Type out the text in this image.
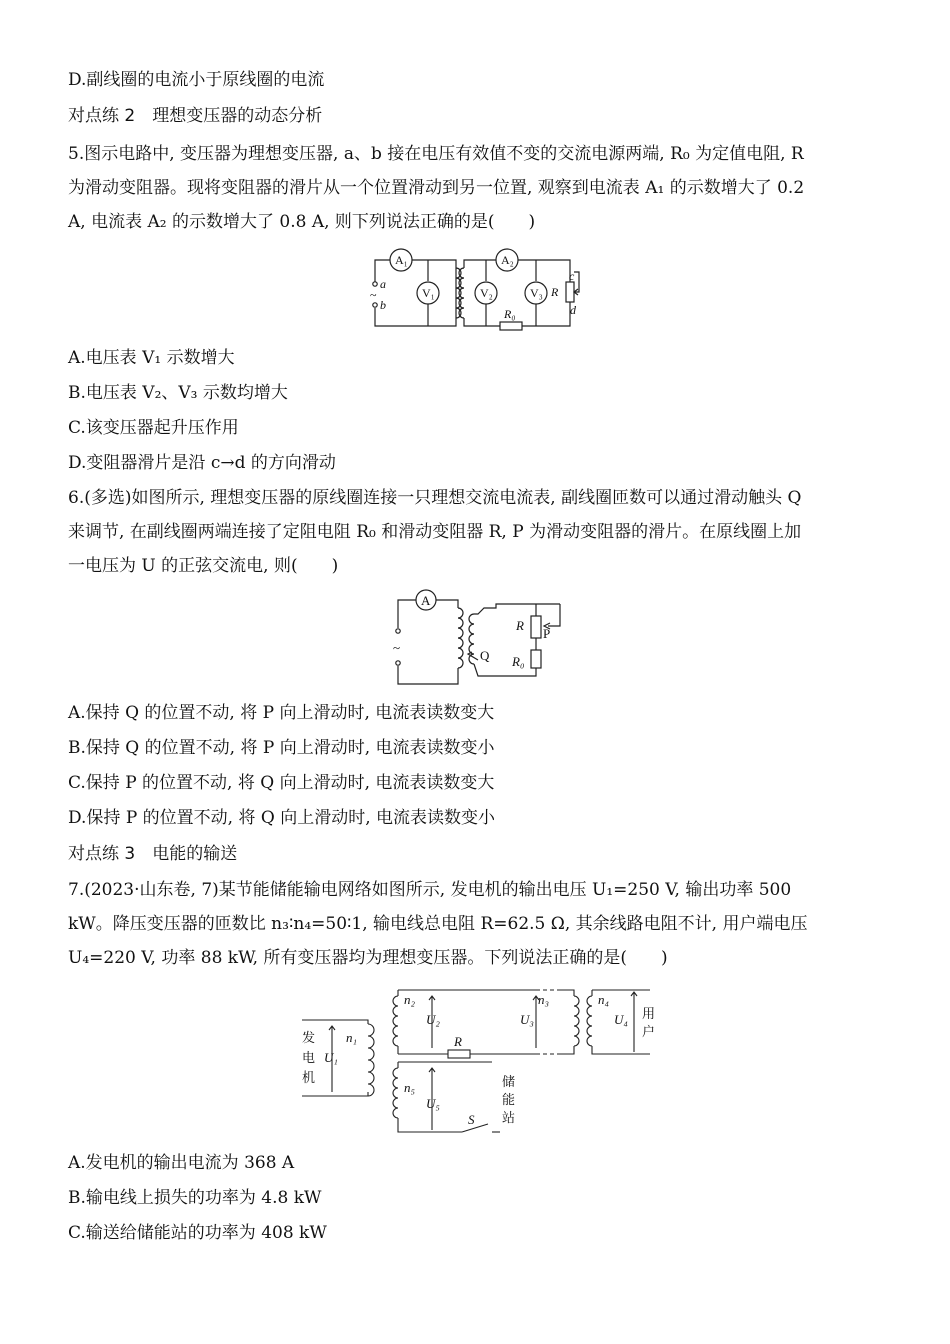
D.副线圈的电流小于原线圈的电流
对点练 2　理想变压器的动态分析
5.图示电路中, 变压器为理想变压器, a、b 接在电压有效值不变的交流电源两端, R₀ 为定值电阻, R
为滑动变阻器。现将变阻器的滑片从一个位置滑动到另一位置, 观察到电流表 A₁ 的示数增大了 0.2
A, 电流表 A₂ 的示数增大了 0.8 A, 则下列说法正确的是(　　)
A₁
V₁
A₂
V₂	V₃ R
R₀
a
b
~
c
d
A.电压表 V₁ 示数增大
B.电压表 V₂、V₃ 示数均增大
C.该变压器起升压作用
D.变阻器滑片是沿 c→d 的方向滑动
6.(多选)如图所示, 理想变压器的原线圈连接一只理想交流电流表, 副线圈匝数可以通过滑动触头 Q
来调节, 在副线圈两端连接了定阻电阻 R₀ 和滑动变阻器 R, P 为滑动变阻器的滑片。在原线圈上加
一电压为 U 的正弦交流电, 则(　　)
A
R
P
Q R₀
~
A.保持 Q 的位置不动, 将 P 向上滑动时, 电流表读数变大
B.保持 Q 的位置不动, 将 P 向上滑动时, 电流表读数变小
C.保持 P 的位置不动, 将 Q 向上滑动时, 电流表读数变大
D.保持 P 的位置不动, 将 Q 向上滑动时, 电流表读数变小
对点练 3　电能的输送
7.(2023·山东卷, 7)某节能储能输电网络如图所示, 发电机的输出电压 U₁=250 V, 输出功率 500
kW。降压变压器的匝数比 n₃∶n₄=50∶1, 输电线总电阻 R=62.5 Ω, 其余线路电阻不计, 用户端电压
U₄=220 V, 功率 88 kW, 所有变压器均为理想变压器。下列说法正确的是(　　)
发
电
机
n₁
U₁
n₂
U₂
R
n₃
U₃
n₄
U₄ 用
户
n₅
U₅
S
储
能
站
A.发电机的输出电流为 368 A
B.输电线上损失的功率为 4.8 kW
C.输送给储能站的功率为 408 kW
